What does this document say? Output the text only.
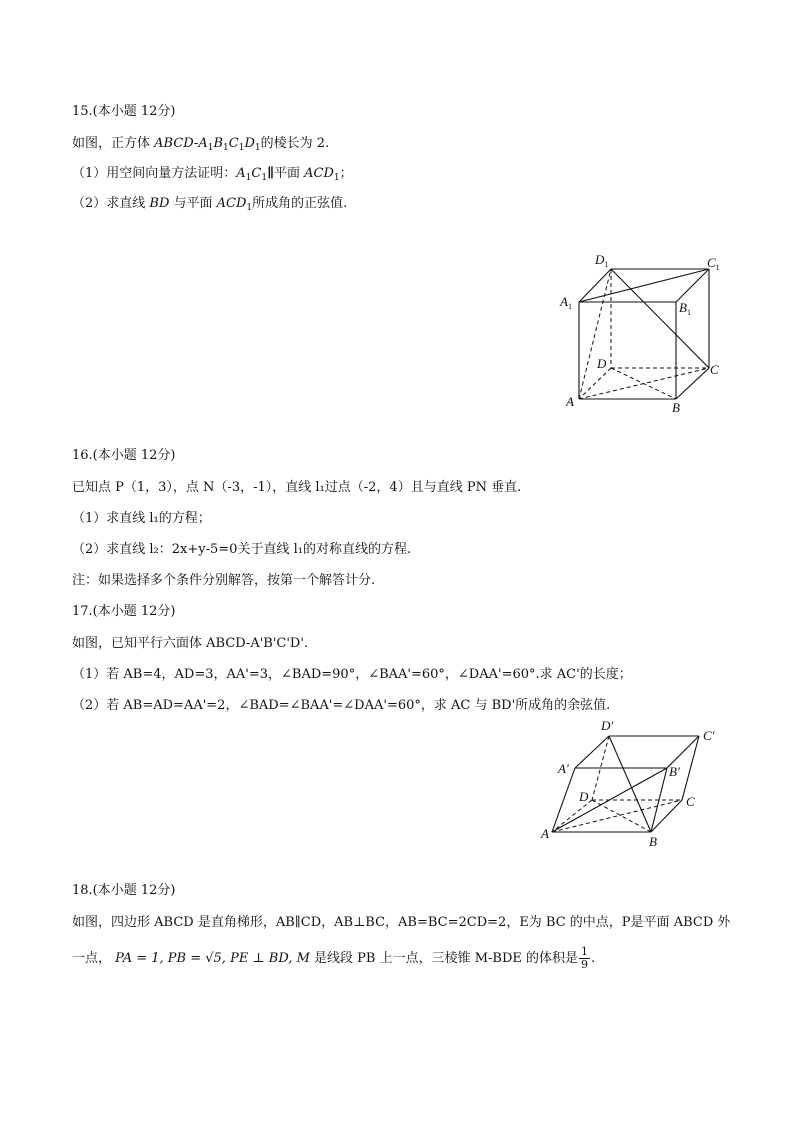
15.(本小题 12分)
如图，正方体 ABCD-$A_1B_1C_1D_1$的棱长为 2.
（1）用空间向量方法证明：$A_1C_1\parallel$平面 $ACD_1$；
（2）求直线 BD 与平面 $ACD_1$所成角的正弦值.
$D_1$	$C_1$
$A_1$	$B_1$
D	C
A	B
16.(本小题 12分)
已知点 P（1，3），点 N（-3，-1），直线 l₁过点（-2，4）且与直线 PN 垂直.
（1）求直线 l₁的方程；
（2）求直线 l₂：2x+y-5=0关于直线 l₁的对称直线的方程.
注：如果选择多个条件分别解答，按第一个解答计分.
17.(本小题 12分)
如图，已知平行六面体 ABCD-A'B'C'D'.
（1）若 AB=4，AD=3，AA'=3，∠BAD=90°，∠BAA'=60°，∠DAA'=60°.求 AC'的长度；
（2）若 AB=AD=AA'=2，∠BAD=∠BAA'=∠DAA'=60°，求 AC 与 BD'所成角的余弦值.
D′
C′
A′	B′
D	C
A
B
18.(本小题 12分)
如图，四边形 ABCD 是直角梯形，AB∥CD，AB⊥BC，AB=BC=2CD=2，E为 BC 的中点，P是平面 ABCD 外
一点， PA = 1, PB = √5, PE ⊥ BD, M 是线段 PB 上一点，三棱锥 M-BDE 的体积是 $\frac{1}{9}$ .
